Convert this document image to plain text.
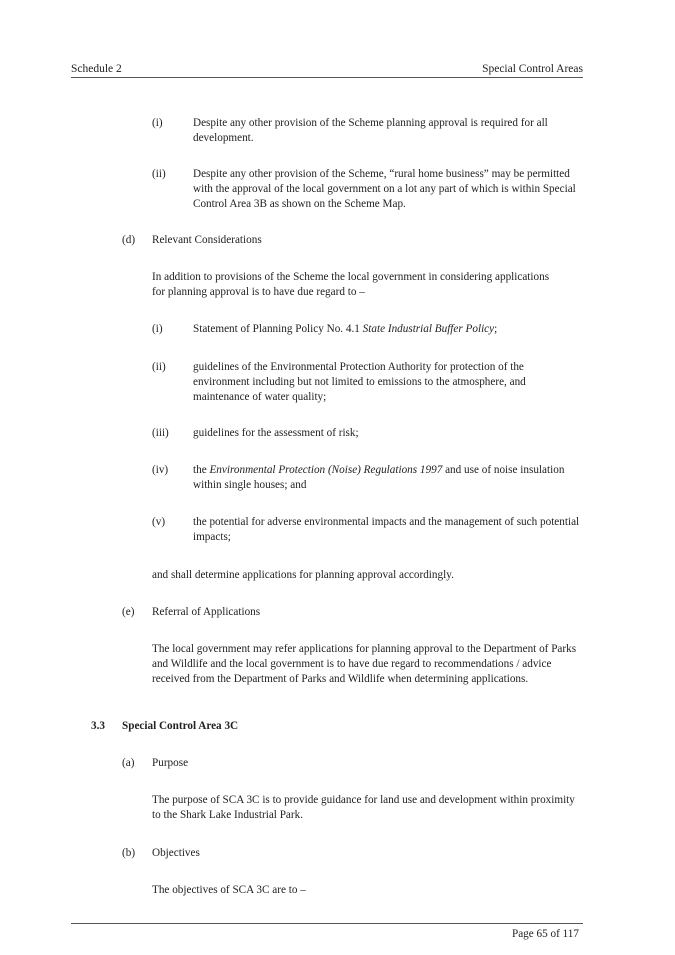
Schedule 2	Special Control Areas
(i)	Despite any other provision of the Scheme planning approval is required for all development.
(ii) Despite any other provision of the Scheme, “rural home business” may be permitted with the approval of the local government on a lot any part of which is within Special Control Area 3B as shown on the Scheme Map.
(d) Relevant Considerations
In addition to provisions of the Scheme the local government in considering applications for planning approval is to have due regard to –
(i)	Statement of Planning Policy No. 4.1 State Industrial Buffer Policy;
(ii) guidelines of the Environmental Protection Authority for protection of the environment including but not limited to emissions to the atmosphere, and maintenance of water quality;
(iii) guidelines for the assessment of risk;
(iv) the Environmental Protection (Noise) Regulations 1997 and use of noise insulation within single houses; and
(v) the potential for adverse environmental impacts and the management of such potential impacts;
and shall determine applications for planning approval accordingly.
(e) Referral of Applications
The local government may refer applications for planning approval to the Department of Parks and Wildlife and the local government is to have due regard to recommendations / advice received from the Department of Parks and Wildlife when determining applications.
3.3 Special Control Area 3C
(a) Purpose
The purpose of SCA 3C is to provide guidance for land use and development within proximity to the Shark Lake Industrial Park.
(b) Objectives
The objectives of SCA 3C are to –
Page 65 of 117
